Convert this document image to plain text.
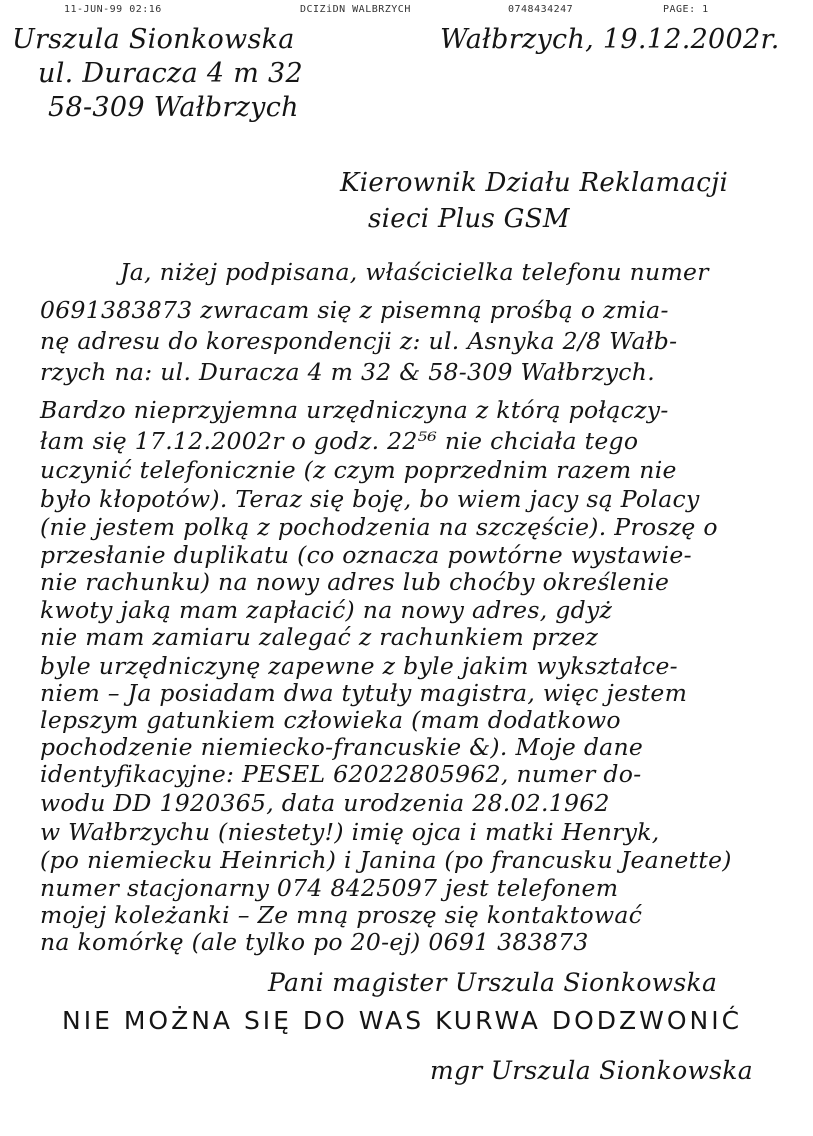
11-JUN-99 02:16	DCIZiDN WALBRZYCH	0748434247	PAGE: 1
Urszula Sionkowska
ul. Duracza 4 m 32
58-309 Wałbrzych
Wałbrzych, 19.12.2002r.
Kierownik Działu Reklamacji
sieci Plus GSM
Ja, niżej podpisana, właścicielka telefonu numer
0691383873 zwracam się z pisemną prośbą o zmia-
nę adresu do korespondencji z: ul. Asnyka 2/8 Wałb-
rzych na: ul. Duracza 4 m 32 & 58-309 Wałbrzych.
Bardzo nieprzyjemna urzędniczyna z którą połączy-
łam się 17.12.2002r o godz. 22⁵⁶ nie chciała tego
uczynić telefonicznie (z czym poprzednim razem nie
było kłopotów). Teraz się boję, bo wiem jacy są Polacy
(nie jestem polką z pochodzenia na szczęście). Proszę o
przesłanie duplikatu (co oznacza powtórne wystawie-
nie rachunku) na nowy adres lub choćby określenie
kwoty jaką mam zapłacić) na nowy adres, gdyż
nie mam zamiaru zalegać z rachunkiem przez
byle urzędniczynę zapewne z byle jakim wykształce-
niem – Ja posiadam dwa tytuły magistra, więc jestem
lepszym gatunkiem człowieka (mam dodatkowo
pochodzenie niemiecko-francuskie &). Moje dane
identyfikacyjne: PESEL 62022805962, numer do-
wodu DD 1920365, data urodzenia 28.02.1962
w Wałbrzychu (niestety!) imię ojca i matki Henryk,
(po niemiecku Heinrich) i Janina (po francusku Jeanette)
numer stacjonarny 074 8425097 jest telefonem
mojej koleżanki – Ze mną proszę się kontaktować
na komórkę (ale tylko po 20-ej) 0691 383873
Pani magister Urszula Sionkowska
NIE MOŻNA SIĘ DO WAS KURWA DODZWONIĆ
mgr Urszula Sionkowska
